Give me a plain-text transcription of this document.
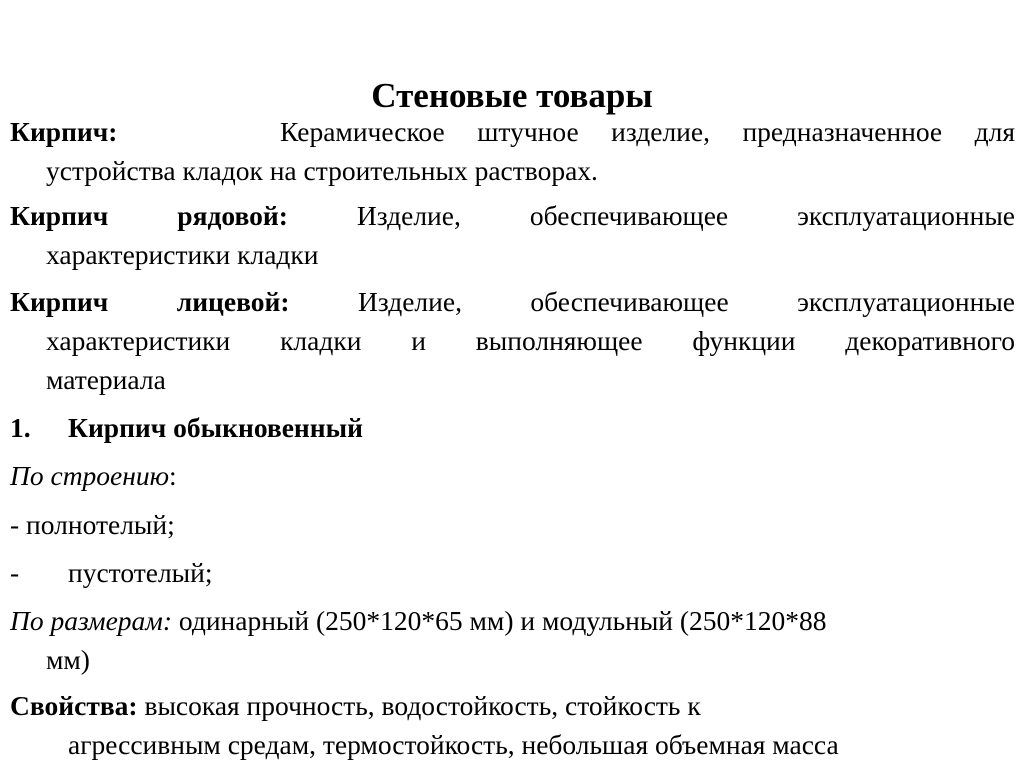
Стеновые товары
Кирпич:	Керамическое штучное изделие, предназначенное для
устройства кладок на строительных растворах.
Кирпич рядовой:	Изделие, обеспечивающее эксплуатационные
характеристики кладки
Кирпич лицевой: Изделие, обеспечивающее эксплуатационные
характеристики кладки и выполняющее функции декоративного
материала
1. Кирпич обыкновенный
По строению:
- полнотелый;
- пустотелый;
По размерам: одинарный (250*120*65 мм) и модульный (250*120*88
мм)
Свойства: высокая прочность, водостойкость, стойкость к
агрессивным средам, термостойкость, небольшая объемная масса
